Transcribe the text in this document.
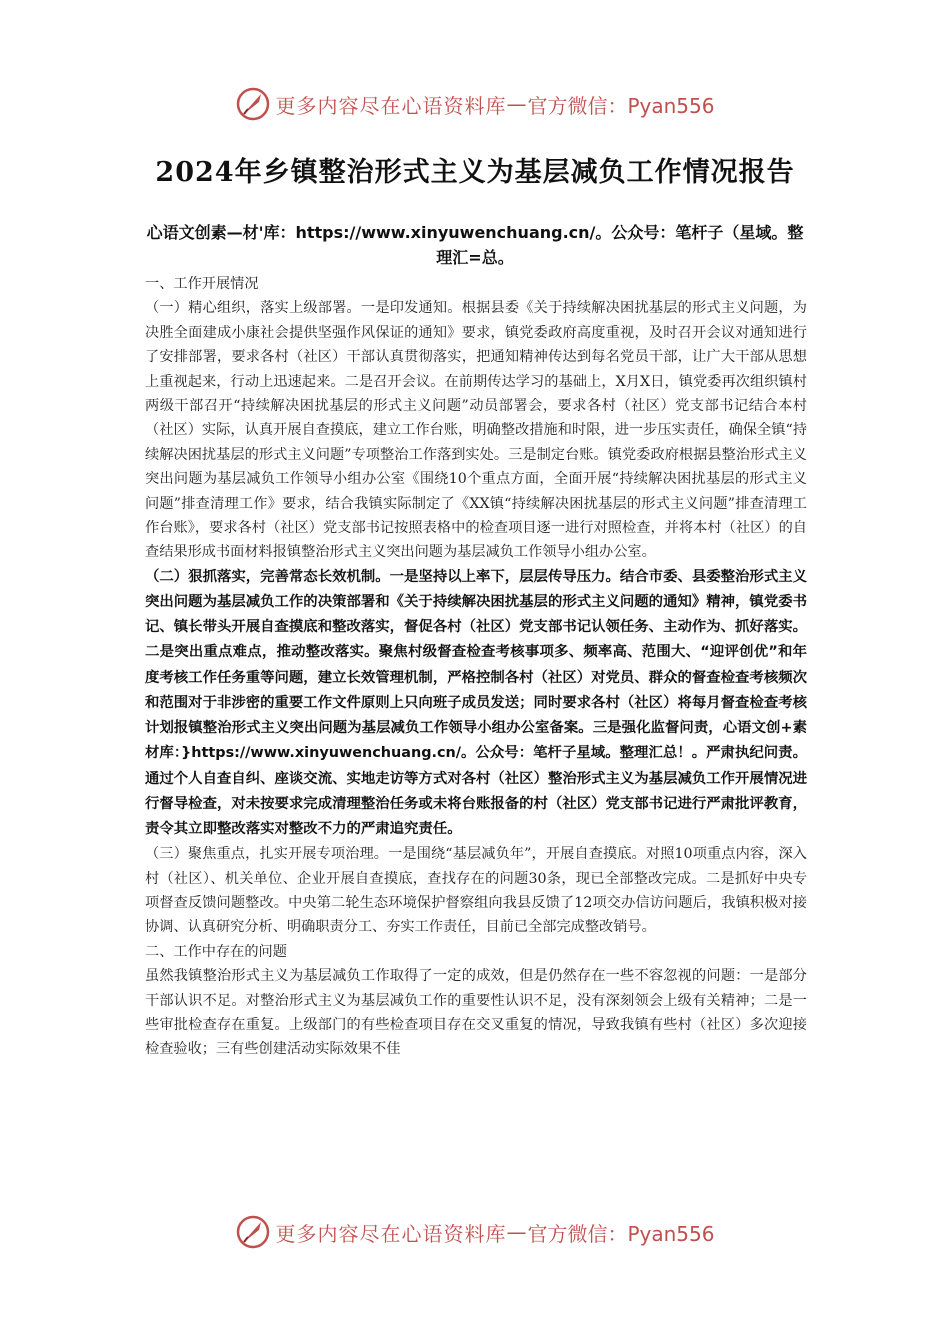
更多内容尽在心语资料库 — 官方微信：Pyan556
2024年乡镇整治形式主义为基层减负工作情况报告
心语文创素—材'库：https://www.xinyuwenchuang.cn/。公众号：笔杆子（星域。整理汇=总。

一、工作开展情况

（一）精心组织，落实上级部署。一是印发通知。根据县委《关于持续解决困扰基层的形式主义问题，为决胜全面建成小康社会提供坚强作风保证的通知》要求，镇党委政府高度重视，及时召开会议对通知进行了安排部署，要求各村（社区）干部认真贯彻落实，把通知精神传达到每名党员干部，让广大干部从思想上重视起来，行动上迅速起来。二是召开会议。在前期传达学习的基础上，X月X日，镇党委再次组织镇村两级干部召开“持续解决困扰基层的形式主义问题”动员部署会，要求各村（社区）党支部书记结合本村（社区）实际，认真开展自查摸底，建立工作台账，明确整改措施和时限，进一步压实责任，确保全镇“持续解决困扰基层的形式主义问题”专项整治工作落到实处。三是制定台账。镇党委政府根据县整治形式主义突出问题为基层减负工作领导小组办公室《围绕10个重点方面，全面开展“持续解决困扰基层的形式主义问题”排查清理工作》要求，结合我镇实际制定了《XX镇“持续解决困扰基层的形式主义问题”排查清理工作台账》，要求各村（社区）党支部书记按照表格中的检查项目逐一进行对照检查，并将本村（社区）的自查结果形成书面材料报镇整治形式主义突出问题为基层减负工作领导小组办公室。

（二）狠抓落实，完善常态长效机制。一是坚持以上率下，层层传导压力。结合市委、县委整治形式主义突出问题为基层减负工作的决策部署和《关于持续解决困扰基层的形式主义问题的通知》精神，镇党委书记、镇长带头开展自查摸底和整改落实，督促各村（社区）党支部书记认领任务、主动作为、抓好落实。二是突出重点难点，推动整改落实。聚焦村级督查检查考核事项多、频率高、范围大、“迎评创优”和年度考核工作任务重等问题，建立长效管理机制，严格控制各村（社区）对党员、群众的督查检查考核频次和范围对于非涉密的重要工作文件原则上只向班子成员发送；同时要求各村（社区）将每月督查检查考核计划报镇整治形式主义突出问题为基层减负工作领导小组办公室备案。三是强化监督问责，心语文创+素材库：}https://www.xinyuwenchuang.cn/。公众号：笔杆子星域。整理汇总！。严肃执纪问责。通过个人自查自纠、座谈交流、实地走访等方式对各村（社区）整治形式主义为基层减负工作开展情况进行督导检查，对未按要求完成清理整治任务或未将台账报备的村（社区）党支部书记进行严肃批评教育，责令其立即整改落实对整改不力的严肃追究责任。

（三）聚焦重点，扎实开展专项治理。一是围绕“基层减负年”，开展自查摸底。对照10项重点内容，深入村（社区）、机关单位、企业开展自查摸底，查找存在的问题30条，现已全部整改完成。二是抓好中央专项督查反馈问题整改。中央第二轮生态环境保护督察组向我县反馈了12项交办信访问题后，我镇积极对接协调、认真研究分析、明确职责分工、夯实工作责任，目前已全部完成整改销号。

二、工作中存在的问题

虽然我镇整治形式主义为基层减负工作取得了一定的成效，但是仍然存在一些不容忽视的问题：一是部分干部认识不足。对整治形式主义为基层减负工作的重要性认识不足，没有深刻领会上级有关精神；二是一些审批检查存在重复。上级部门的有些检查项目存在交叉重复的情况，导致我镇有些村（社区）多次迎接检查验收；三有些创建活动实际效果不佳

更多内容尽在心语资料库 — 官方微信：Pyan556
